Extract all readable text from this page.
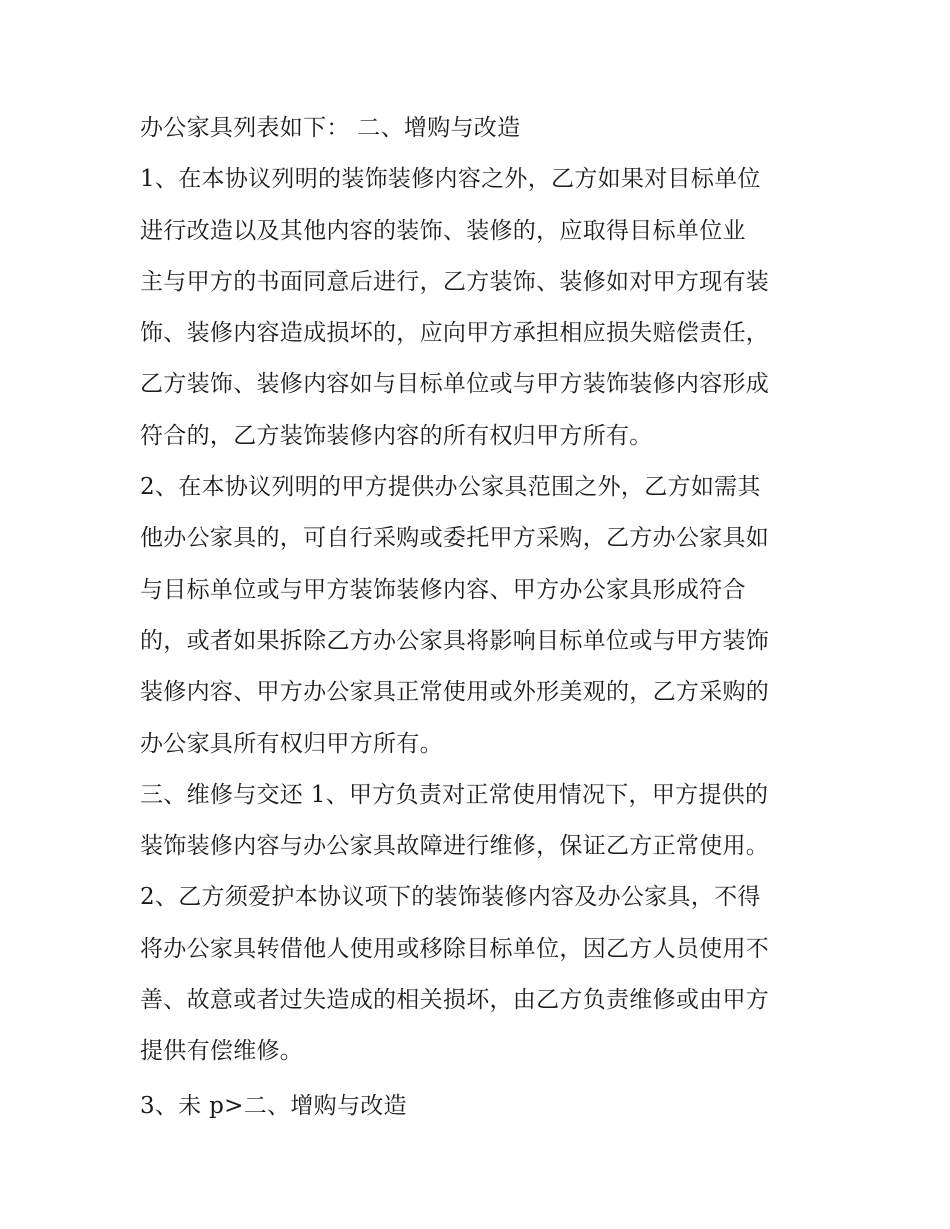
办公家具列表如下： 二、增购与改造
1、在本协议列明的装饰装修内容之外，乙方如果对目标单位
进行改造以及其他内容的装饰、装修的，应取得目标单位业
主与甲方的书面同意后进行，乙方装饰、装修如对甲方现有装
饰、装修内容造成损坏的，应向甲方承担相应损失赔偿责任，
乙方装饰、装修内容如与目标单位或与甲方装饰装修内容形成
符合的，乙方装饰装修内容的所有权归甲方所有。
2、在本协议列明的甲方提供办公家具范围之外，乙方如需其
他办公家具的，可自行采购或委托甲方采购，乙方办公家具如
与目标单位或与甲方装饰装修内容、甲方办公家具形成符合
的，或者如果拆除乙方办公家具将影响目标单位或与甲方装饰
装修内容、甲方办公家具正常使用或外形美观的，乙方采购的
办公家具所有权归甲方所有。
三、维修与交还 1、甲方负责对正常使用情况下，甲方提供的
装饰装修内容与办公家具故障进行维修，保证乙方正常使用。
2、乙方须爱护本协议项下的装饰装修内容及办公家具，不得
将办公家具转借他人使用或移除目标单位，因乙方人员使用不
善、故意或者过失造成的相关损坏，由乙方负责维修或由甲方
提供有偿维修。
3、未 p>二、增购与改造
